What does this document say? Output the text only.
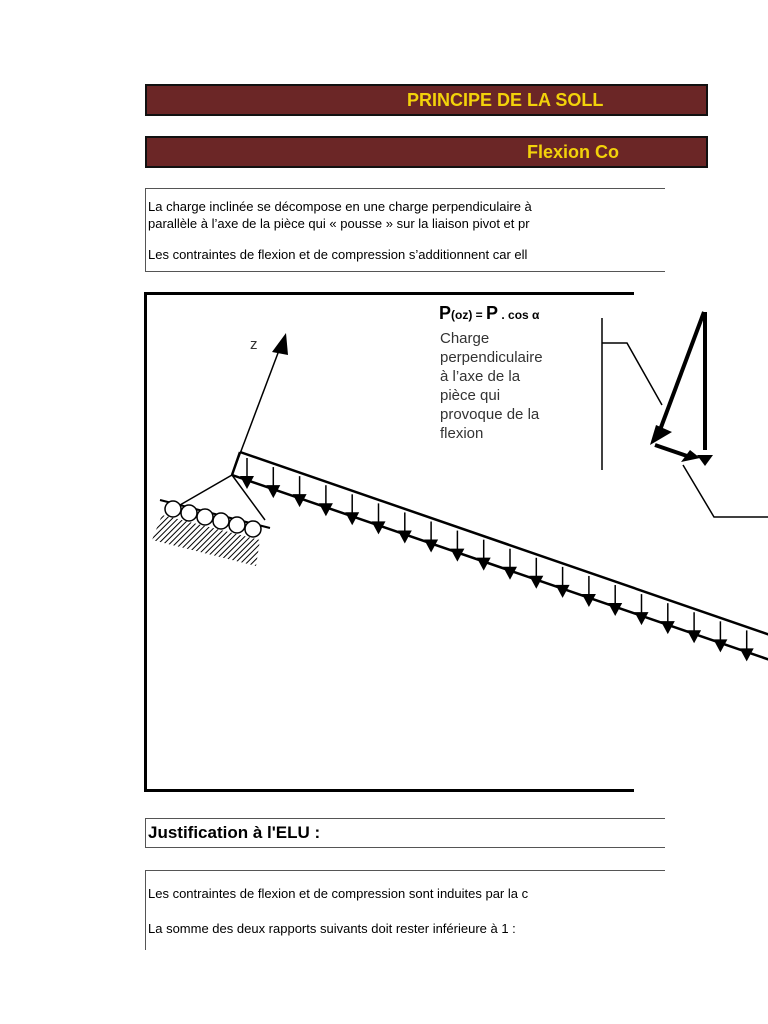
PRINCIPE DE LA SOLL
Flexion Co

La charge inclinée se décompose en une charge perpendiculaire à

parallèle à l’axe de la pièce qui « pousse » sur la liaison pivot et pr

Les contraintes de flexion et de compression s’additionnent car ell

z
P(oz) = P . cos α
Charge
perpendiculaire
à l’axe de la
pièce qui
provoque de la
flexion

Justification à l'ELU :

Les contraintes de flexion et de compression sont induites par la c

La somme des deux rapports suivants doit rester inférieure à 1 :
